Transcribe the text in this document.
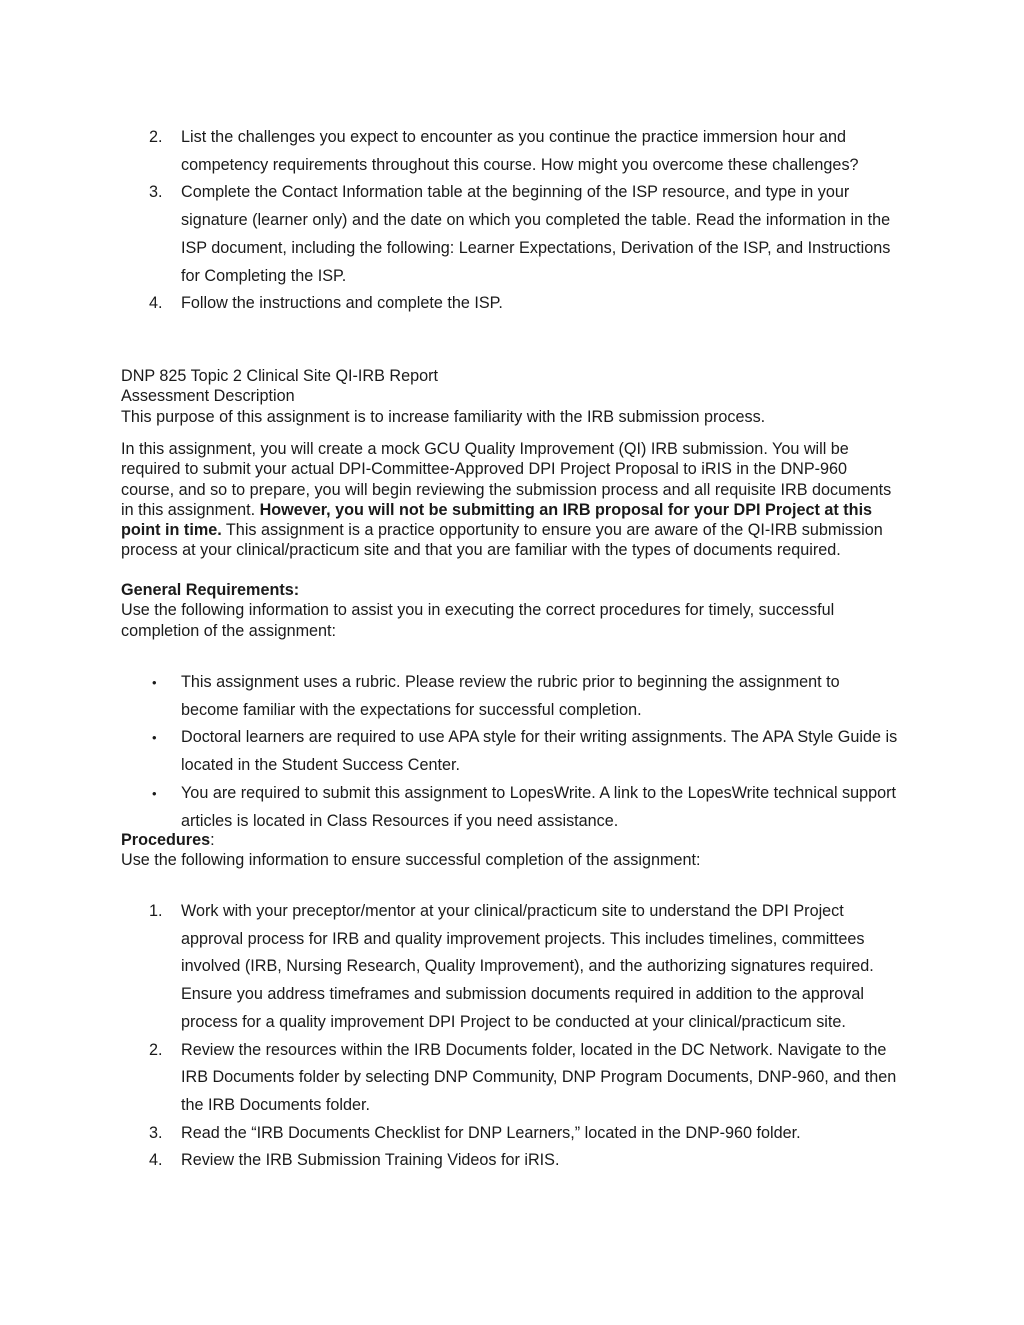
2.	List the challenges you expect to encounter as you continue the practice immersion hour and competency requirements throughout this course. How might you overcome these challenges?
3.	Complete the Contact Information table at the beginning of the ISP resource, and type in your signature (learner only) and the date on which you completed the table. Read the information in the ISP document, including the following: Learner Expectations, Derivation of the ISP, and Instructions for Completing the ISP.
4.	Follow the instructions and complete the ISP.

DNP 825 Topic 2 Clinical Site QI-IRB Report

Assessment Description

This purpose of this assignment is to increase familiarity with the IRB submission process.

In this assignment, you will create a mock GCU Quality Improvement (QI) IRB submission. You will be required to submit your actual DPI-Committee-Approved DPI Project Proposal to iRIS in the DNP-960 course, and so to prepare, you will begin reviewing the submission process and all requisite IRB documents in this assignment. However, you will not be submitting an IRB proposal for your DPI Project at this point in time. This assignment is a practice opportunity to ensure you are aware of the QI-IRB submission process at your clinical/practicum site and that you are familiar with the types of documents required.

General Requirements:

Use the following information to assist you in executing the correct procedures for timely, successful completion of the assignment:

• This assignment uses a rubric. Please review the rubric prior to beginning the assignment to become familiar with the expectations for successful completion.
• Doctoral learners are required to use APA style for their writing assignments. The APA Style Guide is located in the Student Success Center.
• You are required to submit this assignment to LopesWrite. A link to the LopesWrite technical support articles is located in Class Resources if you need assistance.

Procedures:

Use the following information to ensure successful completion of the assignment:

1.	Work with your preceptor/mentor at your clinical/practicum site to understand the DPI Project approval process for IRB and quality improvement projects. This includes timelines, committees involved (IRB, Nursing Research, Quality Improvement), and the authorizing signatures required. Ensure you address timeframes and submission documents required in addition to the approval process for a quality improvement DPI Project to be conducted at your clinical/practicum site.
2.	Review the resources within the IRB Documents folder, located in the DC Network. Navigate to the IRB Documents folder by selecting DNP Community, DNP Program Documents, DNP-960, and then the IRB Documents folder.
3.	Read the “IRB Documents Checklist for DNP Learners,” located in the DNP-960 folder.
4.	Review the IRB Submission Training Videos for iRIS.
